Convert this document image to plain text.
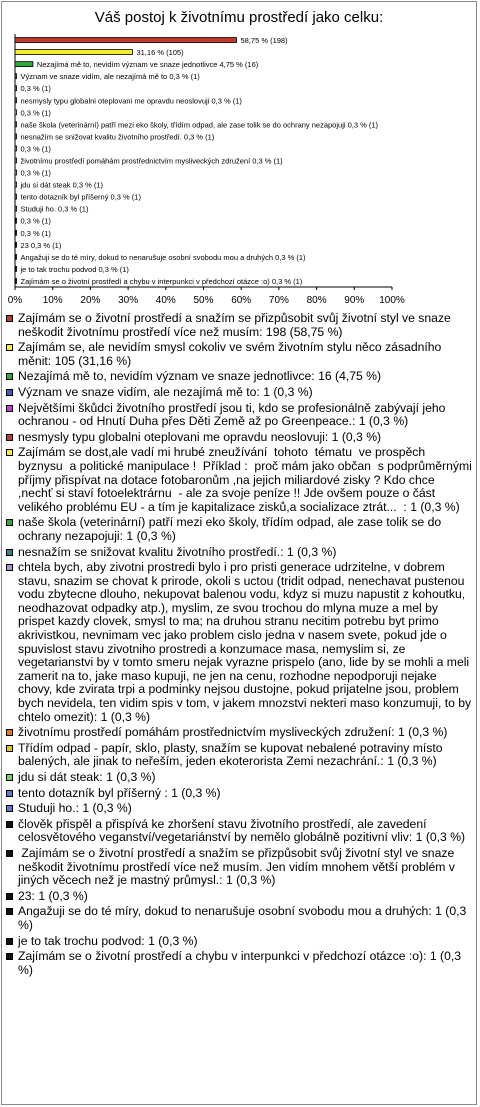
Váš postoj k životnímu prostředí jako celku:
0% 10% 20% 30% 40% 50% 60% 70% 80% 90% 100%
58,75 % (198)
31,16 % (105)
Nezajímá mě to, nevidím význam ve snaze jednotlivce 4,75 % (16)
Význam ve snaze vidím, ale nezajímá mě to 0,3 % (1)
0,3 % (1)
nesmysly typu globalni oteplovani me opravdu neoslovuji 0,3 % (1)
0,3 % (1)
naše škola (veterinární) patří mezi eko školy, třídím odpad, ale zase tolik se do ochrany nezapojuji 0,3 % (1)
nesnažím se snižovat kvalitu životního prostředí. 0,3 % (1)
0,3 % (1)
životnímu prostředí pomáhám prostřednictvím mysliveckých združení 0,3 % (1)
0,3 % (1)
jdu si dát steak 0,3 % (1)
tento dotazník byl příšerný 0,3 % (1)
Studuji ho. 0,3 % (1)
0,3 % (1)
0,3 % (1)
23 0,3 % (1)
Angažuji se do té míry, dokud to nenarušuje osobní svobodu mou a druhých 0,3 % (1)
je to tak trochu podvod 0,3 % (1)
Zajímám se o životní prostředí a chybu v interpunkci v předchozí otázce :o) 0,3 % (1)
Zajímám se o životní prostředí a snažím se přizpůsobit svůj životní styl ve snaze neškodit životnímu prostředí více než musím: 198 (58,75 %)
Zajímám se, ale nevidím smysl cokoliv ve svém životním stylu něco zásadního měnit: 105 (31,16 %)
Nezajímá mě to, nevidím význam ve snaze jednotlivce: 16 (4,75 %)
Význam ve snaze vidím, ale nezajímá mě to: 1 (0,3 %)
Největšími škůdci životního prostředí jsou ti, kdo se profesionálně zabývají jeho ochranou - od Hnutí Duha přes Děti Země až po Greenpeace.: 1 (0,3 %)
nesmysly typu globalni oteplovani me opravdu neoslovuji: 1 (0,3 %)
Zajímám se dost,ale vadí mi hrubé zneužívání  tohoto  tématu  ve prospěch byznysu  a politické manipulace !  Příklad :  proč mám jako občan  s podprůměrnými příjmy přispívat na dotace fotobaronům ,na jejich miliardové zisky ? Kdo chce ,nechť si staví fotoelektrárnu  - ale za svoje peníze !! Jde ovšem pouze o část velikého problému EU - a tím je kapitalizace zisků,a socializace ztrát...  : 1 (0,3 %)
naše škola (veterinární) patří mezi eko školy, třídím odpad, ale zase tolik se do ochrany nezapojuji: 1 (0,3 %)
nesnažím se snižovat kvalitu životního prostředí.: 1 (0,3 %)
chtela bych, aby zivotni prostredi bylo i pro pristi generace udrzitelne, v dobrem stavu, snazim se chovat k prirode, okoli s uctou (tridit odpad, nenechavat pustenou vodu zbytecne dlouho, nekupovat balenou vodu, kdyz si muzu napustit z kohoutku, neodhazovat odpadky atp.), myslim, ze svou trochou do mlyna muze a mel by prispet kazdy clovek, smysl to ma; na druhou stranu necitim potrebu byt primo akrivistkou, nevnimam vec jako problem cislo jedna v nasem svete, pokud jde o spuvislost stavu zivotniho prostredi a konzumace masa, nemyslim si, ze vegetarianstvi by v tomto smeru nejak vyrazne prispelo (ano, lide by se mohli a meli zamerit na to, jake maso kupuji, ne jen na cenu, rozhodne nepodporuji nejake chovy, kde zvirata trpi a podminky nejsou dustojne, pokud prijatelne jsou, problem bych nevidela, ten vidim spis v tom, v jakem mnozstvi nekteri maso konzumuji, to by chtelo omezit): 1 (0,3 %)
životnímu prostředí pomáhám prostřednictvím mysliveckých združení: 1 (0,3 %)
Třídím odpad - papír, sklo, plasty, snažím se kupovat nebalené potraviny místo balených, ale jinak to neřeším, jeden ekoterorista Zemi nezachrání.: 1 (0,3 %)
jdu si dát steak: 1 (0,3 %)
tento dotazník byl příšerný : 1 (0,3 %)
Studuji ho.: 1 (0,3 %)
člověk přispěl a přispívá ke zhoršení stavu životního prostředí, ale zavedení celosvětového veganství/vegetariánství by nemělo globálně pozitivní vliv: 1 (0,3 %)
Zajímám se o životní prostředí a snažím se přizpůsobit svůj životní styl ve snaze neškodit životnímu prostředí více než musím. Jen vidím mnohem větší problém v jiných věcech než je mastný průmysl.: 1 (0,3 %)
23: 1 (0,3 %)
Angažuji se do té míry, dokud to nenarušuje osobní svobodu mou a druhých: 1 (0,3 %)
je to tak trochu podvod: 1 (0,3 %)
Zajímám se o životní prostředí a chybu v interpunkci v předchozí otázce :o): 1 (0,3 %)
